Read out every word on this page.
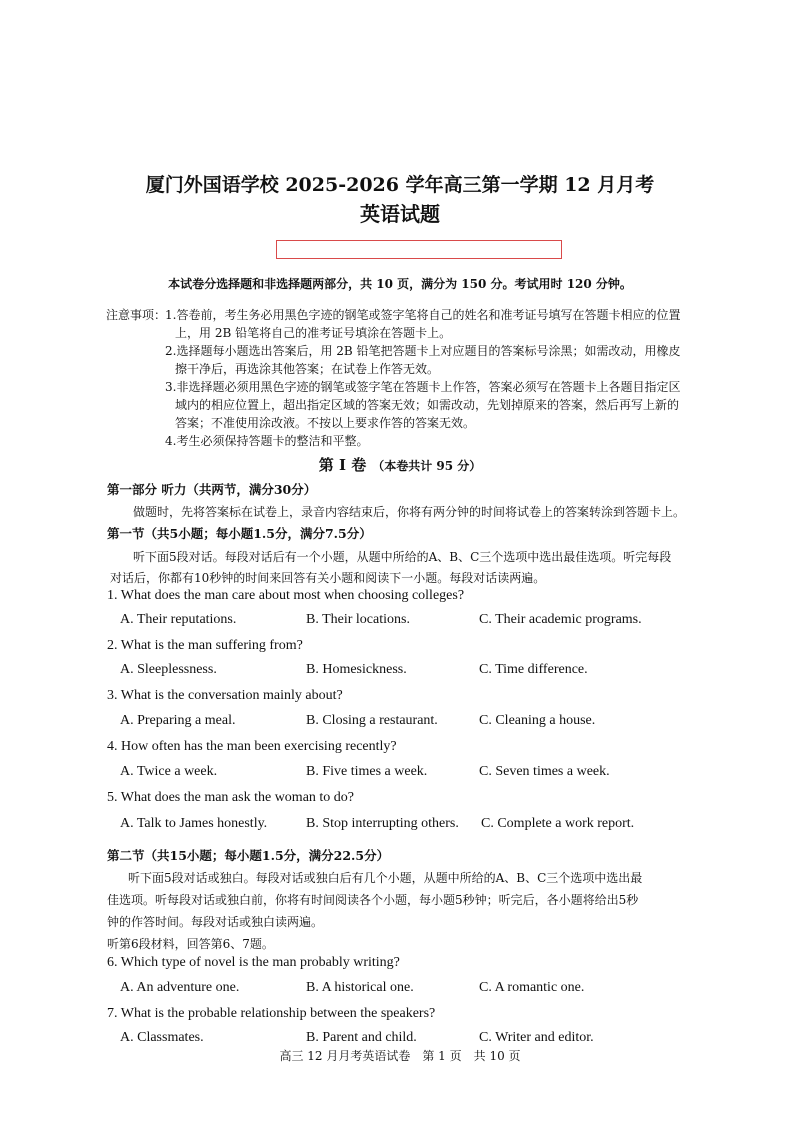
厦门外国语学校 2025-2026 学年高三第一学期 12 月月考
英语试题
本试卷分选择题和非选择题两部分，共 10 页，满分为 150 分。考试用时 120 分钟。
注意事项：
1.答卷前，考生务必用黑色字迹的钢笔或签字笔将自己的姓名和准考证号填写在答题卡相应的位置
上，用 2B 铅笔将自己的准考证号填涂在答题卡上。
2.选择题每小题选出答案后，用 2B 铅笔把答题卡上对应题目的答案标号涂黑；如需改动，用橡皮
擦干净后，再选涂其他答案；在试卷上作答无效。
3.非选择题必须用黑色字迹的钢笔或签字笔在答题卡上作答，答案必须写在答题卡上各题目指定区
域内的相应位置上，超出指定区域的答案无效；如需改动，先划掉原来的答案，然后再写上新的
答案；不准使用涂改液。不按以上要求作答的答案无效。
4.考生必须保持答题卡的整洁和平整。
第 I 卷 （本卷共计 95 分）
第一部分 听力（共两节，满分30分）
做题时，先将答案标在试卷上，录音内容结束后，你将有两分钟的时间将试卷上的答案转涂到答题卡上。
第一节（共5小题；每小题1.5分，满分7.5分）
听下面5段对话。每段对话后有一个小题，从题中所给的A、B、C三个选项中选出最佳选项。听完每段
对话后，你都有10秒钟的时间来回答有关小题和阅读下一小题。每段对话读两遍。
1. What does the man care about most when choosing colleges?
A. Their reputations.	B. Their locations.	C. Their academic programs.
2. What is the man suffering from?
A. Sleeplessness.	B. Homesickness.	C. Time difference.
3. What is the conversation mainly about?
A. Preparing a meal.	B. Closing a restaurant.	C. Cleaning a house.
4. How often has the man been exercising recently?
A. Twice a week.	B. Five times a week.	C. Seven times a week.
5. What does the man ask the woman to do?
A. Talk to James honestly.	B. Stop interrupting others. C. Complete a work report.
第二节（共15小题；每小题1.5分，满分22.5分）
听下面5段对话或独白。每段对话或独白后有几个小题，从题中所给的A、B、C三个选项中选出最
佳选项。听每段对话或独白前，你将有时间阅读各个小题，每小题5秒钟；听完后，各小题将给出5秒
钟的作答时间。每段对话或独白读两遍。
听第6段材料，回答第6、7题。
6. Which type of novel is the man probably writing?
A. An adventure one.	B. A historical one.	C. A romantic one.
7. What is the probable relationship between the speakers?
A. Classmates.	B. Parent and child.	C. Writer and editor.
高三 12 月月考英语试卷　第 1 页　共 10 页
